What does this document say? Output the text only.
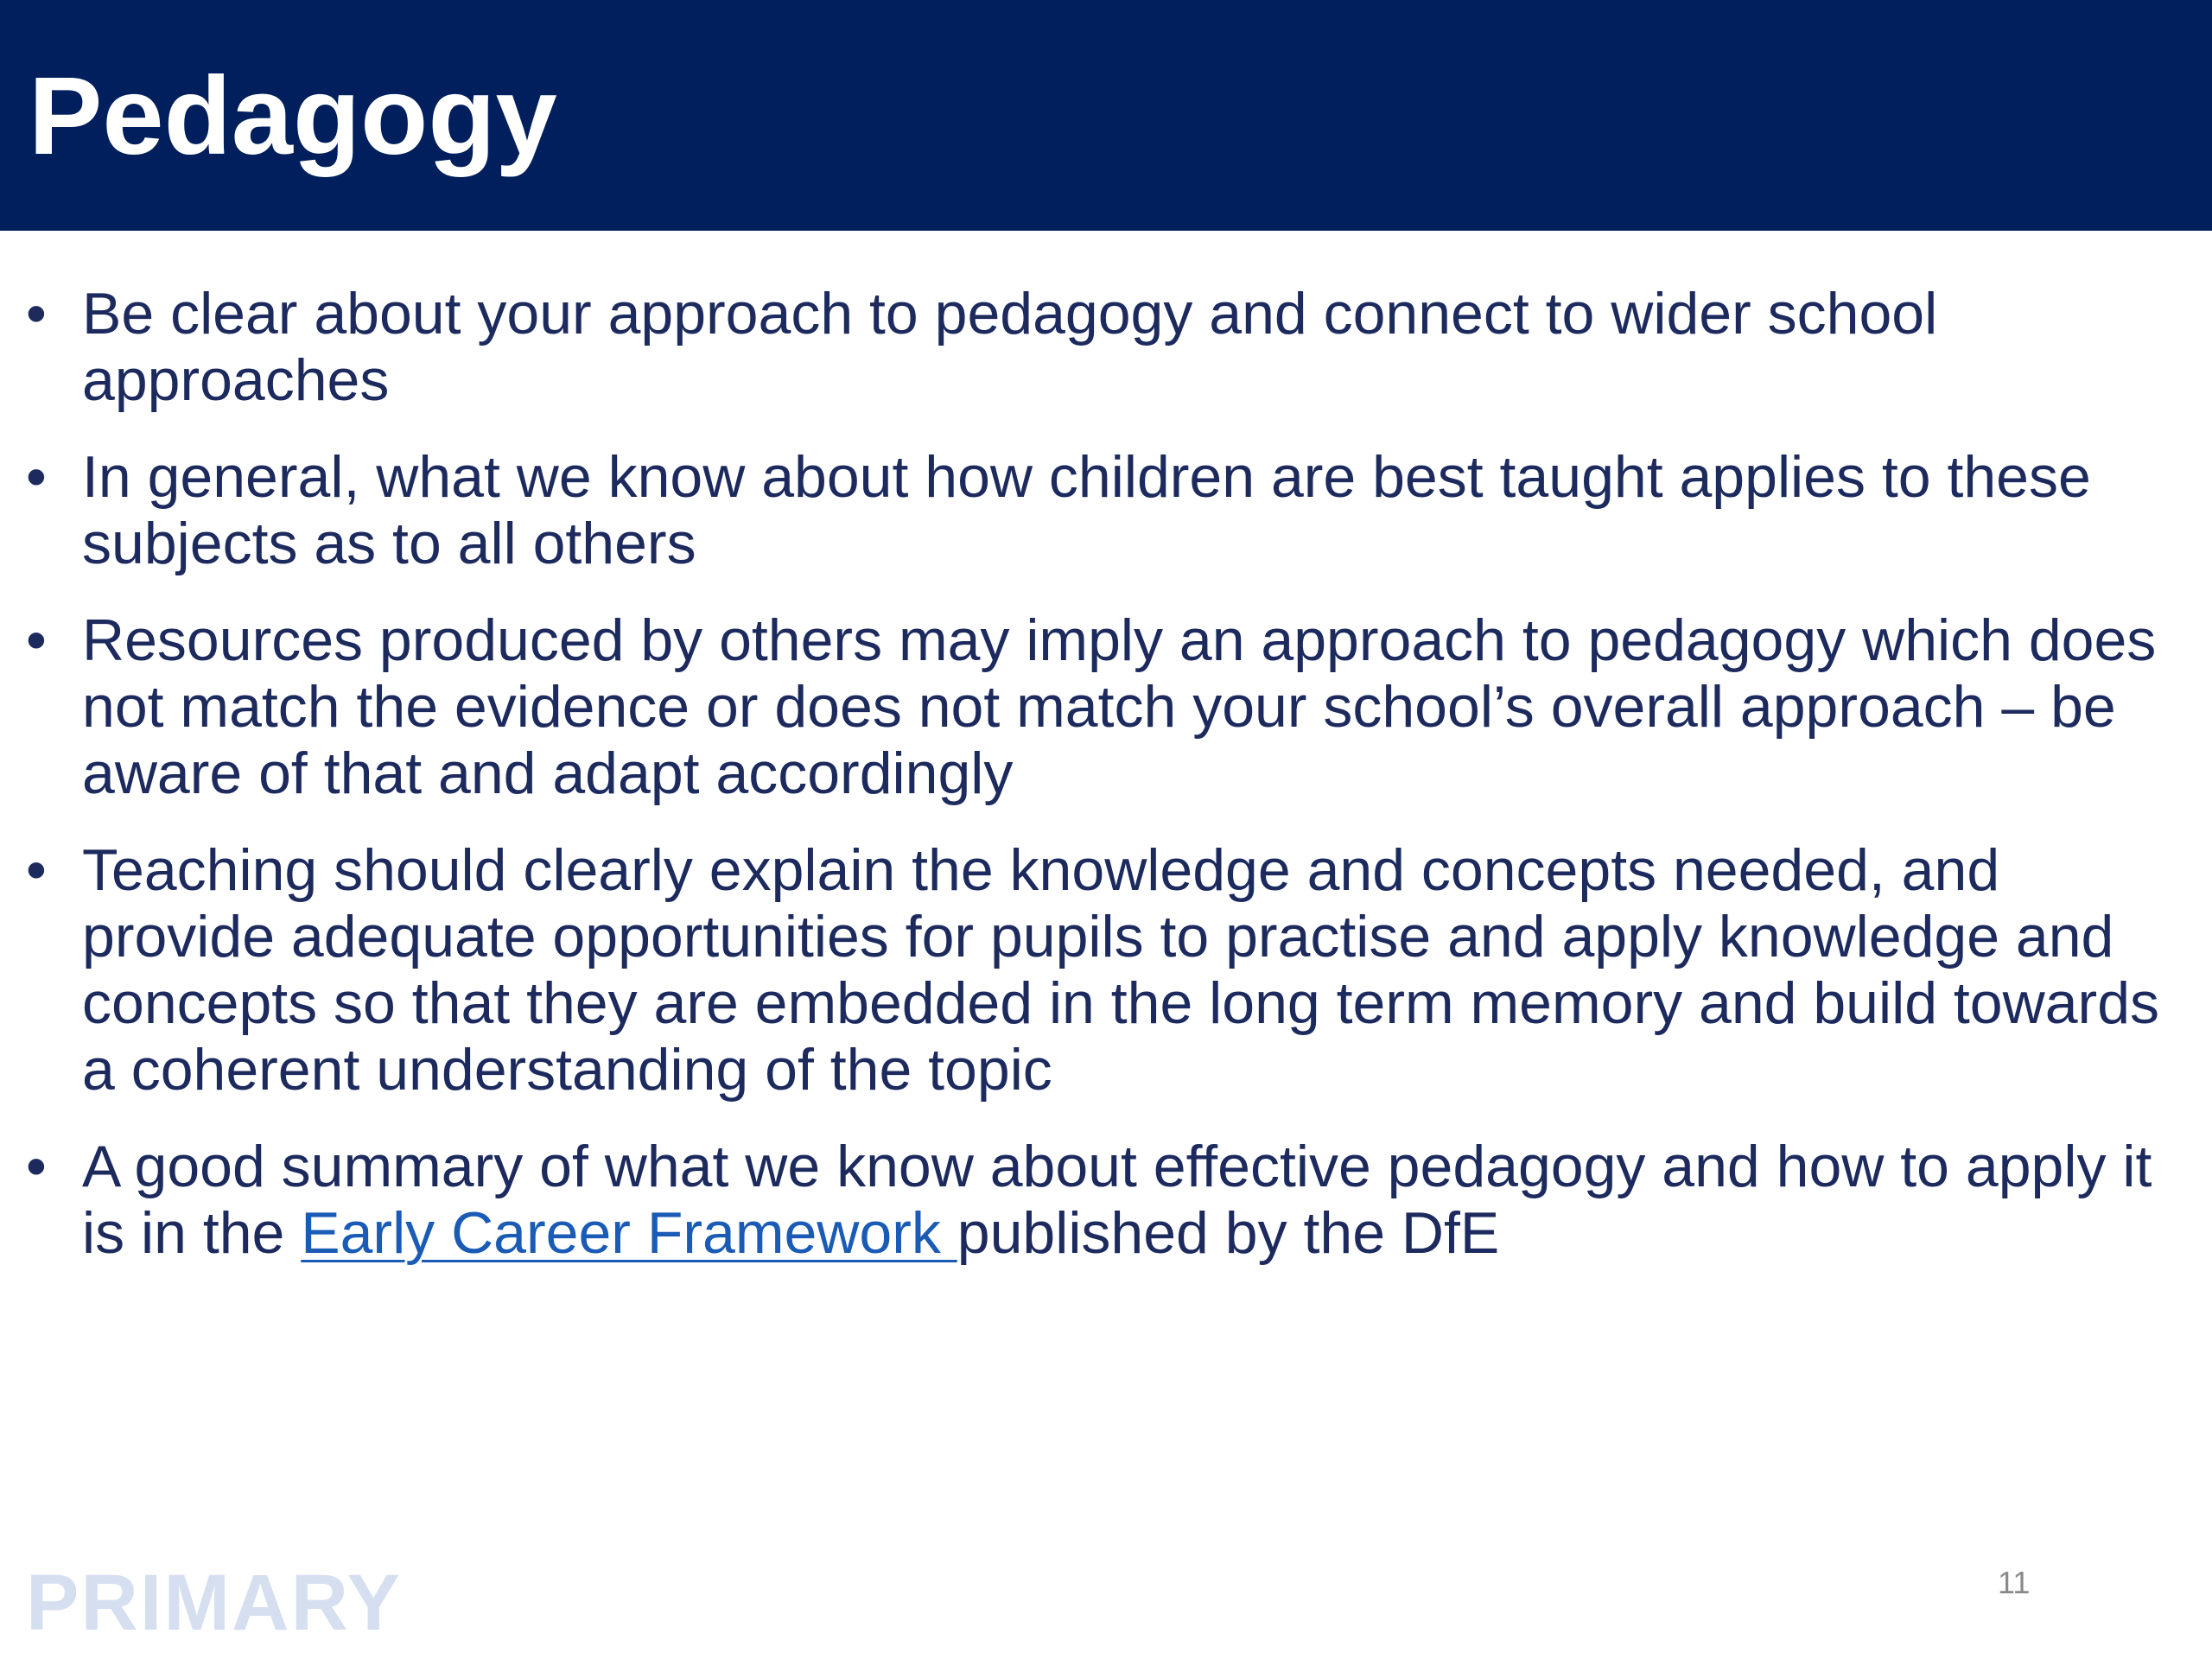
Pedagogy
• Be clear about your approach to pedagogy and connect to wider school approaches
• In general, what we know about how children are best taught applies to these subjects as to all others
• Resources produced by others may imply an approach to pedagogy which does not match the evidence or does not match your school’s overall approach – be aware of that and adapt accordingly
• Teaching should clearly explain the knowledge and concepts needed, and provide adequate opportunities for pupils to practise and apply knowledge and concepts so that they are embedded in the long term memory and build towards a coherent understanding of the topic
• A good summary of what we know about effective pedagogy and how to apply it is in the Early Career Framework published by the DfE
PRIMARY	11
